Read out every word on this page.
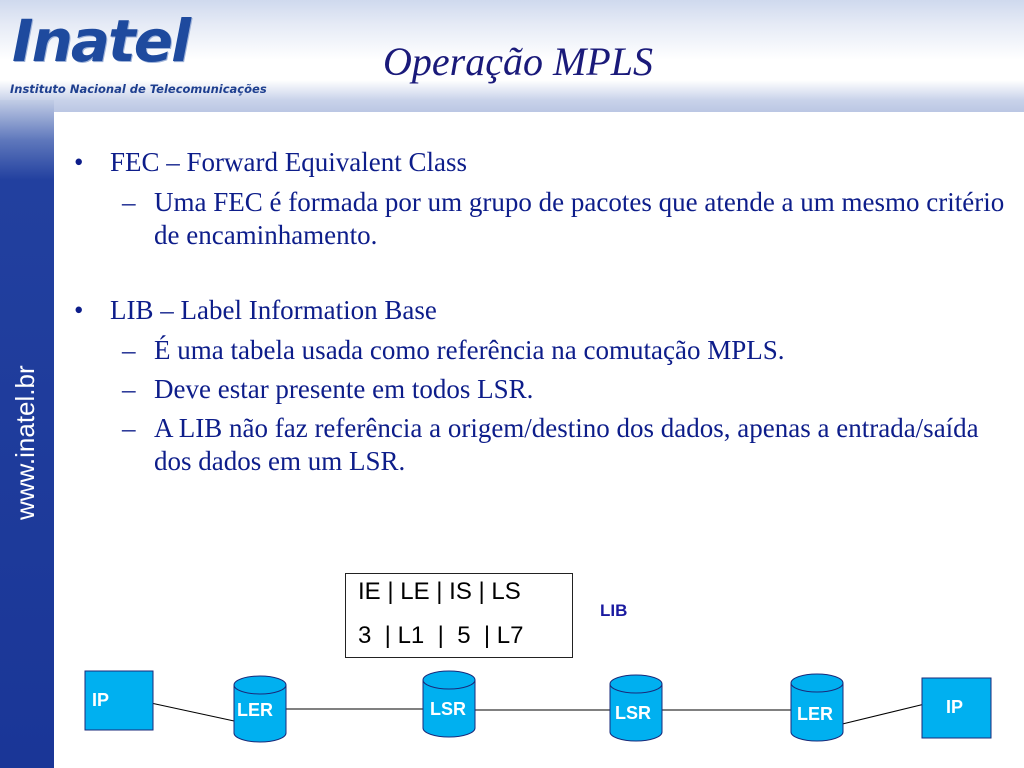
Inatel
Instituto Nacional de Telecomunicações
Operação MPLS
www.inatel.br
• FEC – Forward Equivalent Class
– Uma FEC é formada por um grupo de pacotes que atende a um mesmo critério de encaminhamento.
• LIB – Label Information Base
– É uma tabela usada como referência na comutação MPLS.
– Deve estar presente em todos LSR.
– A LIB não faz referência a origem/destino dos dados, apenas a entrada/saída dos dados em um LSR.
IE | LE | IS | LS
3  | L1  |  5  | L7
LIB
IP	LER	LSR	LSR	LER	IP
